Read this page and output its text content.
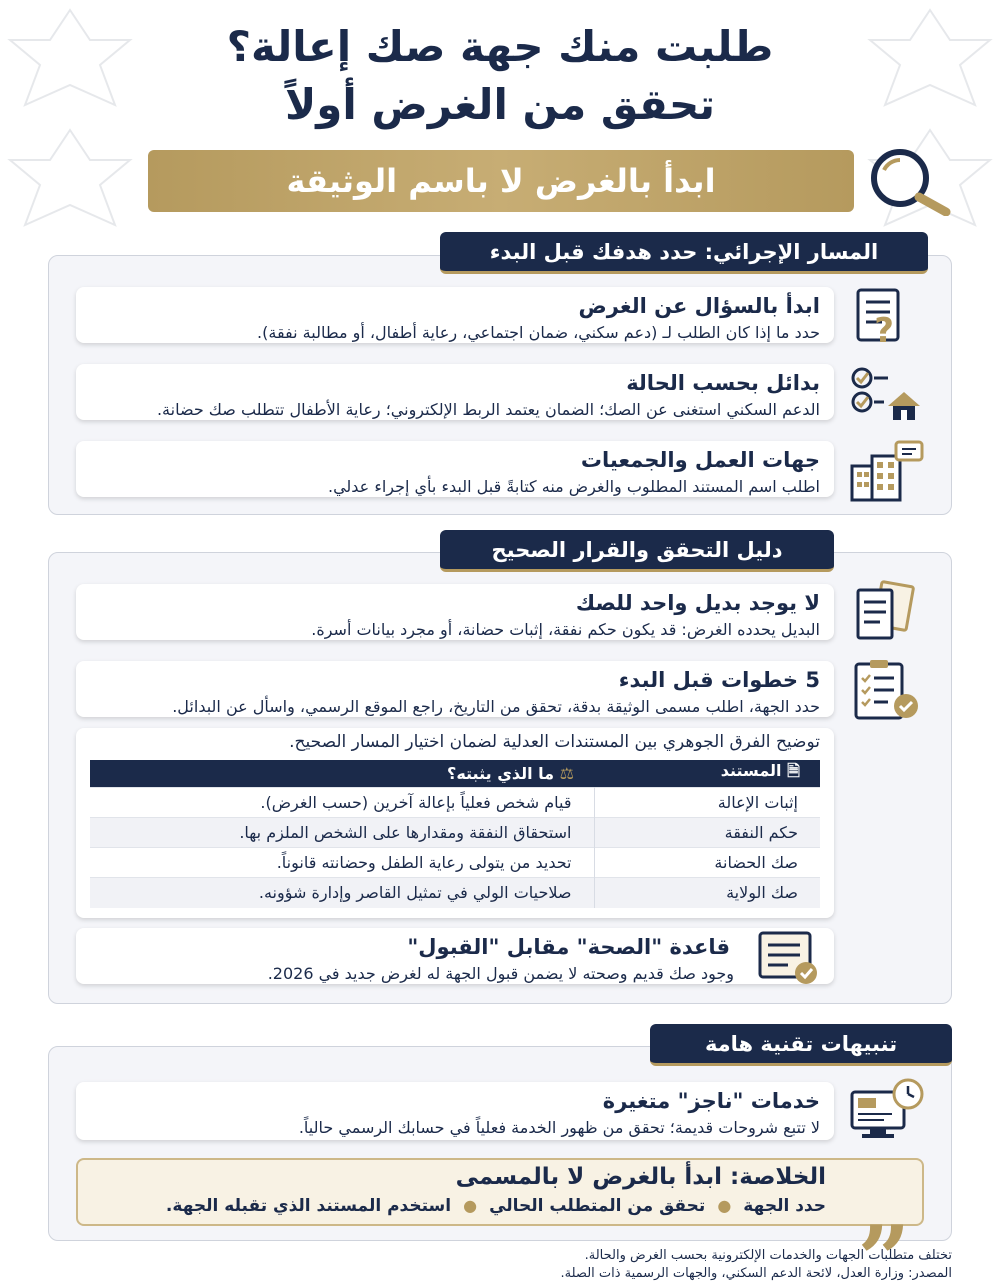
طلبت منك جهة صك إعالة؟
تحقق من الغرض أولاً
ابدأ بالغرض لا باسم الوثيقة
المسار الإجرائي: حدد هدفك قبل البدء
ابدأ بالسؤال عن الغرض
حدد ما إذا كان الطلب لـ (دعم سكني، ضمان اجتماعي، رعاية أطفال، أو مطالبة نفقة). ?
بدائل بحسب الحالة
الدعم السكني استغنى عن الصك؛ الضمان يعتمد الربط الإلكتروني؛ رعاية الأطفال تتطلب صك حضانة.
جهات العمل والجمعيات
اطلب اسم المستند المطلوب والغرض منه كتابةً قبل البدء بأي إجراء عدلي.
دليل التحقق والقرار الصحيح
لا يوجد بديل واحد للصك
البديل يحدده الغرض: قد يكون حكم نفقة، إثبات حضانة، أو مجرد بيانات أسرة.
5 خطوات قبل البدء
حدد الجهة، اطلب مسمى الوثيقة بدقة، تحقق من التاريخ، راجع الموقع الرسمي، واسأل عن البدائل.
توضيح الفرق الجوهري بين المستندات العدلية لضمان اختيار المسار الصحيح.
🗎 المستند	⚖ ما الذي يثبته؟
إثبات الإعالة	قيام شخص فعلياً بإعالة آخرين (حسب الغرض).
حكم النفقة	استحقاق النفقة ومقدارها على الشخص الملزم بها.
صك الحضانة	تحديد من يتولى رعاية الطفل وحضانته قانوناً.
صك الولاية	صلاحيات الولي في تمثيل القاصر وإدارة شؤونه.
قاعدة "الصحة" مقابل "القبول"
وجود صك قديم وصحته لا يضمن قبول الجهة له لغرض جديد في 2026.
تنبيهات تقنية هامة
خدمات "ناجز" متغيرة
لا تتبع شروحات قديمة؛ تحقق من ظهور الخدمة فعلياً في حسابك الرسمي حالياً.
„
الخلاصة: ابدأ بالغرض لا بالمسمى
حدد الجهة
●
تحقق من المتطلب الحالي
●
استخدم المستند الذي تقبله الجهة.
تختلف متطلبات الجهات والخدمات الإلكترونية بحسب الغرض والحالة.
المصدر: وزارة العدل، لائحة الدعم السكني، والجهات الرسمية ذات الصلة.
